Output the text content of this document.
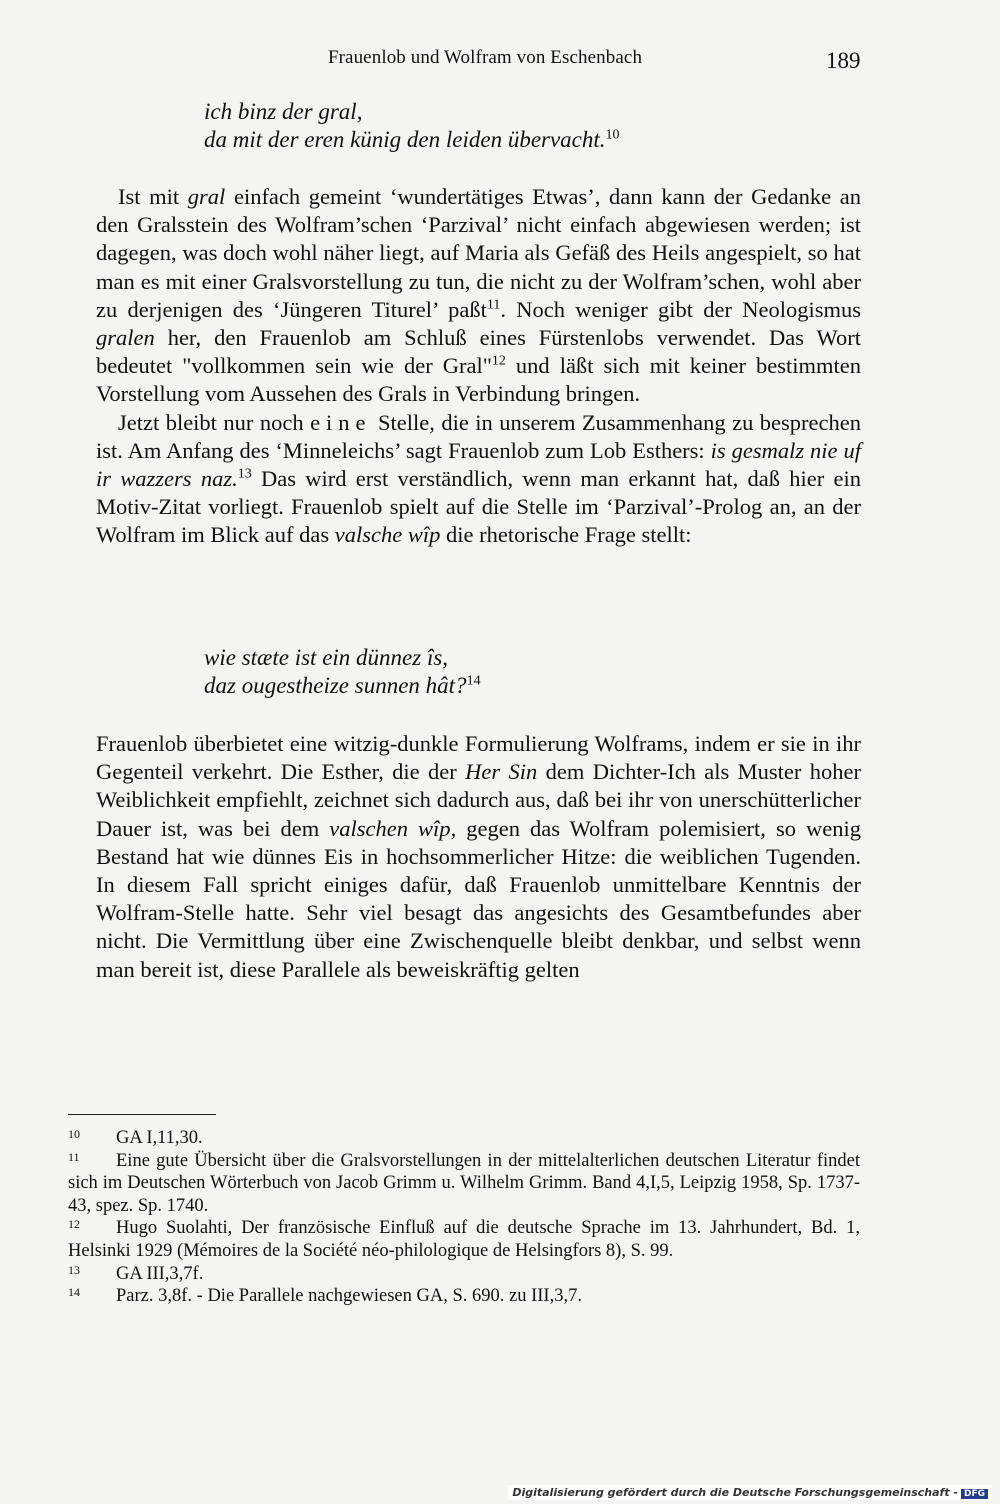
Frauenlob und Wolfram von Eschenbach	189
ich binz der gral,
da mit der eren künig den leiden übervacht.$^{10}$

Ist mit gral einfach gemeint ‘wundertätiges Etwas’, dann kann der Gedanke an den Gralsstein des Wolfram’schen ‘Parzival’ nicht einfach abgewiesen werden; ist dagegen, was doch wohl näher liegt, auf Maria als Gefäß des Heils angespielt, so hat man es mit einer Gralsvorstellung zu tun, die nicht zu der Wolfram’schen, wohl aber zu derjenigen des ‘Jüngeren Titurel’ paßt$^{11}$. Noch weniger gibt der Neologismus gralen her, den Frauenlob am Schluß eines Fürstenlobs verwendet. Das Wort bedeutet "vollkommen sein wie der Gral"$^{12}$ und läßt sich mit keiner bestimmten Vorstellung vom Aussehen des Grals in Verbindung bringen.

Jetzt bleibt nur noch eine Stelle, die in unserem Zusammenhang zu besprechen ist. Am Anfang des ‘Minneleichs’ sagt Frauenlob zum Lob Esthers: is gesmalz nie uf ir wazzers naz.$^{13}$ Das wird erst verständlich, wenn man erkannt hat, daß hier ein Motiv-Zitat vorliegt. Frauenlob spielt auf die Stelle im ‘Parzival’-Prolog an, an der Wolfram im Blick auf das valsche wîp die rhetorische Frage stellt:

wie stæte ist ein dünnez îs,
daz ougestheize sunnen hât?$^{14}$

Frauenlob überbietet eine witzig-dunkle Formulierung Wolframs, indem er sie in ihr Gegenteil verkehrt. Die Esther, die der Her Sin dem Dichter-Ich als Muster hoher Weiblichkeit empfiehlt, zeichnet sich dadurch aus, daß bei ihr von unerschütterlicher Dauer ist, was bei dem valschen wîp, gegen das Wolfram polemisiert, so wenig Bestand hat wie dünnes Eis in hochsommerlicher Hitze: die weiblichen Tugenden. In diesem Fall spricht einiges dafür, daß Frauenlob unmittelbare Kenntnis der Wolfram-Stelle hatte. Sehr viel besagt das angesichts des Gesamtbefundes aber nicht. Die Vermittlung über eine Zwischenquelle bleibt denkbar, und selbst wenn man bereit ist, diese Parallele als beweiskräftig gelten

10 GA I,11,30.
11 Eine gute Übersicht über die Gralsvorstellungen in der mittelalterlichen deutschen Literatur findet sich im Deutschen Wörterbuch von Jacob Grimm u. Wilhelm Grimm. Band 4,I,5, Leipzig 1958, Sp. 1737-43, spez. Sp. 1740.
12 Hugo Suolahti, Der französische Einfluß auf die deutsche Sprache im 13. Jahrhundert, Bd. 1, Helsinki 1929 (Mémoires de la Société néo-philologique de Helsingfors 8), S. 99.
13 GA III,3,7f.
14 Parz. 3,8f. - Die Parallele nachgewiesen GA, S. 690. zu III,3,7.
Digitalisierung gefördert durch die Deutsche Forschungsgemeinschaft - DFG
